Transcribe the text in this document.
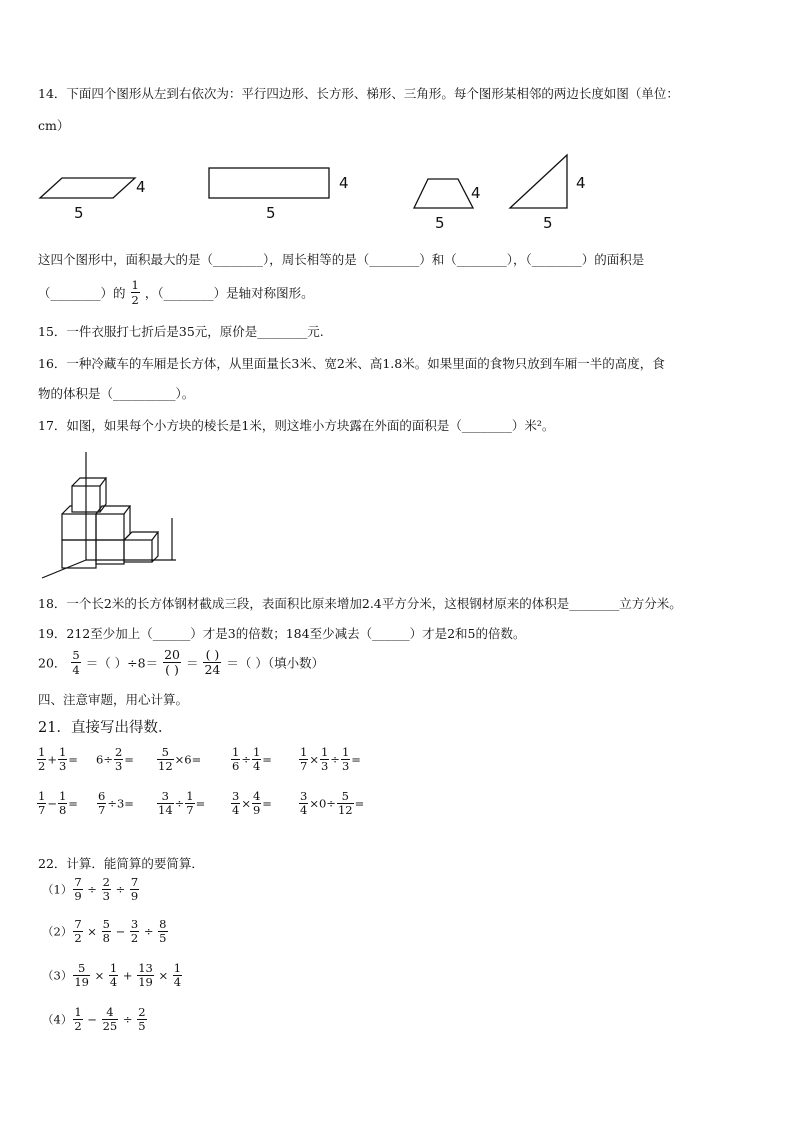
14．下面四个图形从左到右依次为：平行四边形、长方形、梯形、三角形。每个图形某相邻的两边长度如图（单位：
cm）
4
5
4
5
4
5
4
5
这四个图形中，面积最大的是（________），周长相等的是（________）和（________），（________）的面积是
（________）的 $\frac{1}{2}$ ，（________）是轴对称图形。
15．一件衣服打七折后是35元，原价是________元.
16．一种冷藏车的车厢是长方体，从里面量长3米、宽2米、高1.8米。如果里面的食物只放到车厢一半的高度，食
物的体积是（__________）。
17．如图，如果每个小方块的棱长是1米，则这堆小方块露在外面的面积是（________）米²。
18．一个长2米的长方体钢材截成三段，表面积比原来增加2.4平方分米，这根钢材原来的体积是________立方分米。
19．212至少加上（______）才是3的倍数；184至少减去（______）才是2和5的倍数。
20． $\frac{5}{4}$ ＝（ ）÷8＝
20
( ) ＝
( )
24 ＝（ ）（填小数）
四、注意审题，用心计算。
21．直接写出得数．
$\frac{1}{2} + \frac{1}{3} = 6\div \frac{2}{3} = \frac{5}{12} \times 6=$	$\frac{1}{6} \div \frac{1}{4} = \frac{1}{7} \times \frac{1}{3} \div \frac{1}{3}$ =
$\frac{1}{7} - \frac{1}{8} = \frac{6}{7} \div 3= \frac{3}{14} \div \frac{1}{7} = \frac{3}{4} \times \frac{4}{9} = \frac{3}{4} \times 0\div \frac{5}{12}$ =
22．计算．能简算的要简算．
$(1) \frac{7}{9} \div \frac{2}{3} \div \frac{7}{9}$
$(2) \frac{7}{2} \times \frac{5}{8} - \frac{3}{2} \div \frac{8}{5}$
$(3) \frac{5}{19} \times \frac{1}{4} + \frac{13}{19} \times \frac{1}{4}$
$(4) \frac{1}{2} - \frac{4}{25} \div \frac{2}{5}$
